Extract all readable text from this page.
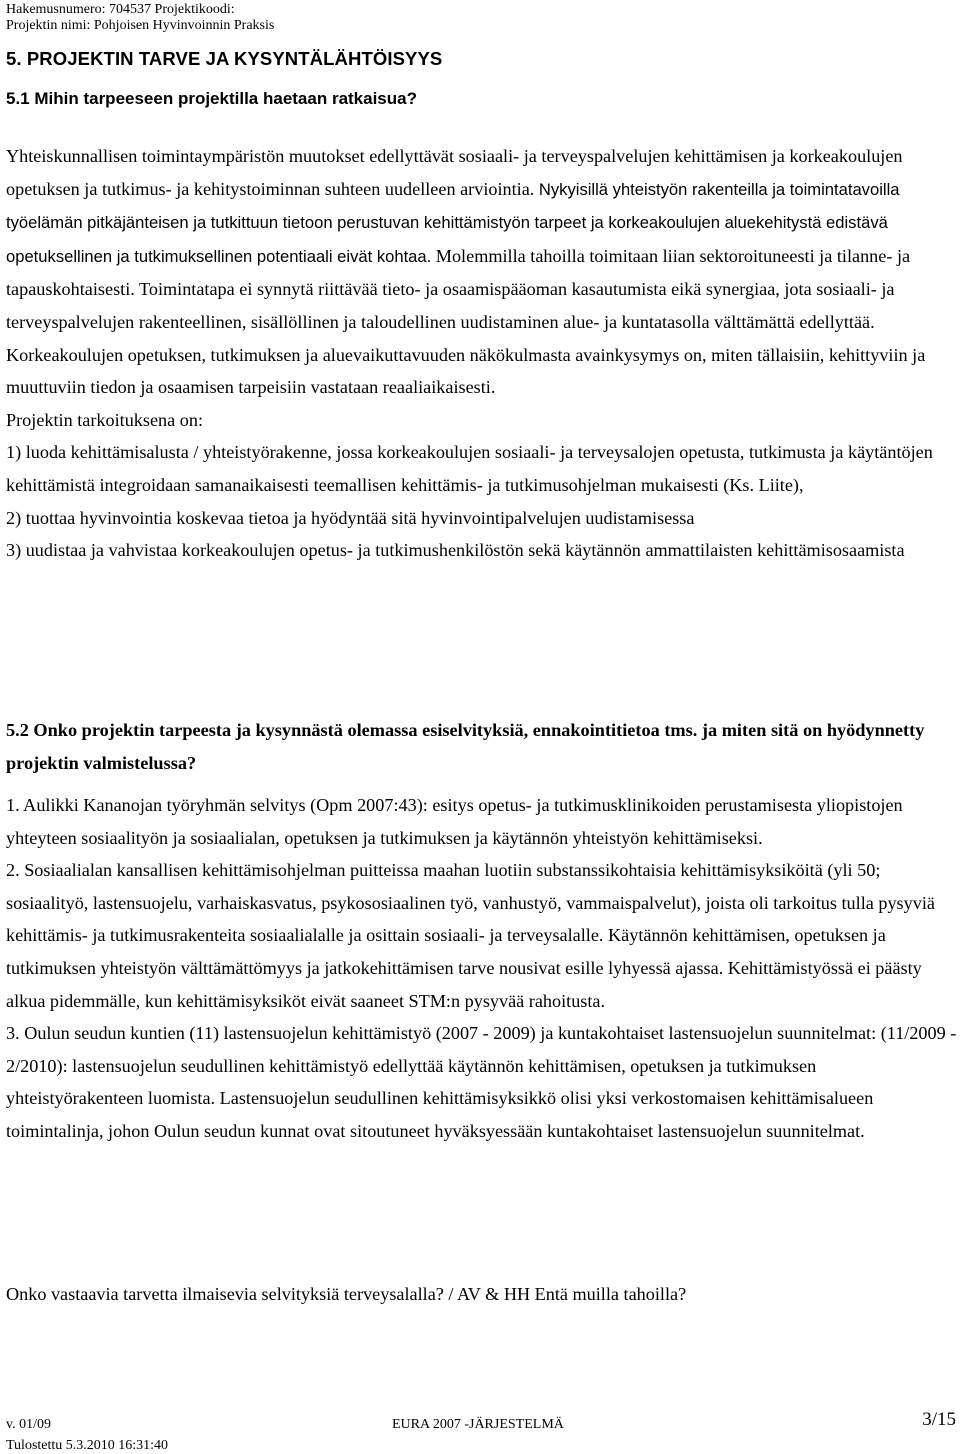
Hakemusnumero: 704537 Projektikoodi:
Projektin nimi: Pohjoisen Hyvinvoinnin Praksis
5. PROJEKTIN TARVE JA KYSYNTÄLÄHTÖISYYS
5.1 Mihin tarpeeseen projektilla haetaan ratkaisua?

Yhteiskunnallisen toimintaympäristön muutokset edellyttävät sosiaali- ja terveyspalvelujen kehittämisen ja korkeakoulujen opetuksen ja tutkimus- ja kehitystoiminnan suhteen uudelleen arviointia. Nykyisillä yhteistyön rakenteilla ja toimintatavoilla työelämän pitkäjänteisen ja tutkittuun tietoon perustuvan kehittämistyön tarpeet ja korkeakoulujen aluekehitystä edistävä opetuksellinen ja tutkimuksellinen potentiaali eivät kohtaa. Molemmilla tahoilla toimitaan liian sektoroituneesti ja tilanne- ja tapauskohtaisesti. Toimintatapa ei synnytä riittävää tieto- ja osaamispääoman kasautumista eikä synergiaa, jota sosiaali- ja terveyspalvelujen rakenteellinen, sisällöllinen ja taloudellinen uudistaminen alue- ja kuntatasolla välttämättä edellyttää. Korkeakoulujen opetuksen, tutkimuksen ja aluevaikuttavuuden näkökulmasta avainkysymys on, miten tällaisiin, kehittyviin ja muuttuviin tiedon ja osaamisen tarpeisiin vastataan reaaliaikaisesti.

Projektin tarkoituksena on:

1) luoda kehittämisalusta / yhteistyörakenne, jossa korkeakoulujen sosiaali- ja terveysalojen opetusta, tutkimusta ja käytäntöjen kehittämistä integroidaan samanaikaisesti teemallisen kehittämis- ja tutkimusohjelman mukaisesti (Ks. Liite),

2) tuottaa hyvinvointia koskevaa tietoa ja hyödyntää sitä hyvinvointipalvelujen uudistamisessa

3) uudistaa ja vahvistaa korkeakoulujen opetus- ja tutkimushenkilöstön sekä käytännön ammattilaisten kehittämisosaamista

5.2 Onko projektin tarpeesta ja kysynnästä olemassa esiselvityksiä, ennakointitietoa tms. ja miten sitä on hyödynnetty projektin valmistelussa?

1. Aulikki Kananojan työryhmän selvitys (Opm 2007:43): esitys opetus- ja tutkimusklinikoiden perustamisesta yliopistojen yhteyteen sosiaalityön ja sosiaalialan, opetuksen ja tutkimuksen ja käytännön yhteistyön kehittämiseksi.

2. Sosiaalialan kansallisen kehittämisohjelman puitteissa maahan luotiin substanssikohtaisia kehittämisyksiköitä (yli 50; sosiaalityö, lastensuojelu, varhaiskasvatus, psykososiaalinen työ, vanhustyö, vammaispalvelut), joista oli tarkoitus tulla pysyviä kehittämis- ja tutkimusrakenteita sosiaalialalle ja osittain sosiaali- ja terveysalalle. Käytännön kehittämisen, opetuksen ja tutkimuksen yhteistyön välttämättömyys ja jatkokehittämisen tarve nousivat esille lyhyessä ajassa. Kehittämistyössä ei päästy alkua pidemmälle, kun kehittämisyksiköt eivät saaneet STM:n pysyvää rahoitusta.

3. Oulun seudun kuntien (11) lastensuojelun kehittämistyö (2007 - 2009) ja kuntakohtaiset lastensuojelun suunnitelmat: (11/2009 - 2/2010): lastensuojelun seudullinen kehittämistyö edellyttää käytännön kehittämisen, opetuksen ja tutkimuksen yhteistyörakenteen luomista. Lastensuojelun seudullinen kehittämisyksikkö olisi yksi verkostomaisen kehittämisalueen toimintalinja, johon Oulun seudun kunnat ovat sitoutuneet hyväksyessään kuntakohtaiset lastensuojelun suunnitelmat.

Onko vastaavia tarvetta ilmaisevia selvityksiä terveysalalla? / AV & HH Entä muilla tahoilla?
v. 01/09	EURA 2007 -JÄRJESTELMÄ	3/15
Tulostettu 5.3.2010 16:31:40
